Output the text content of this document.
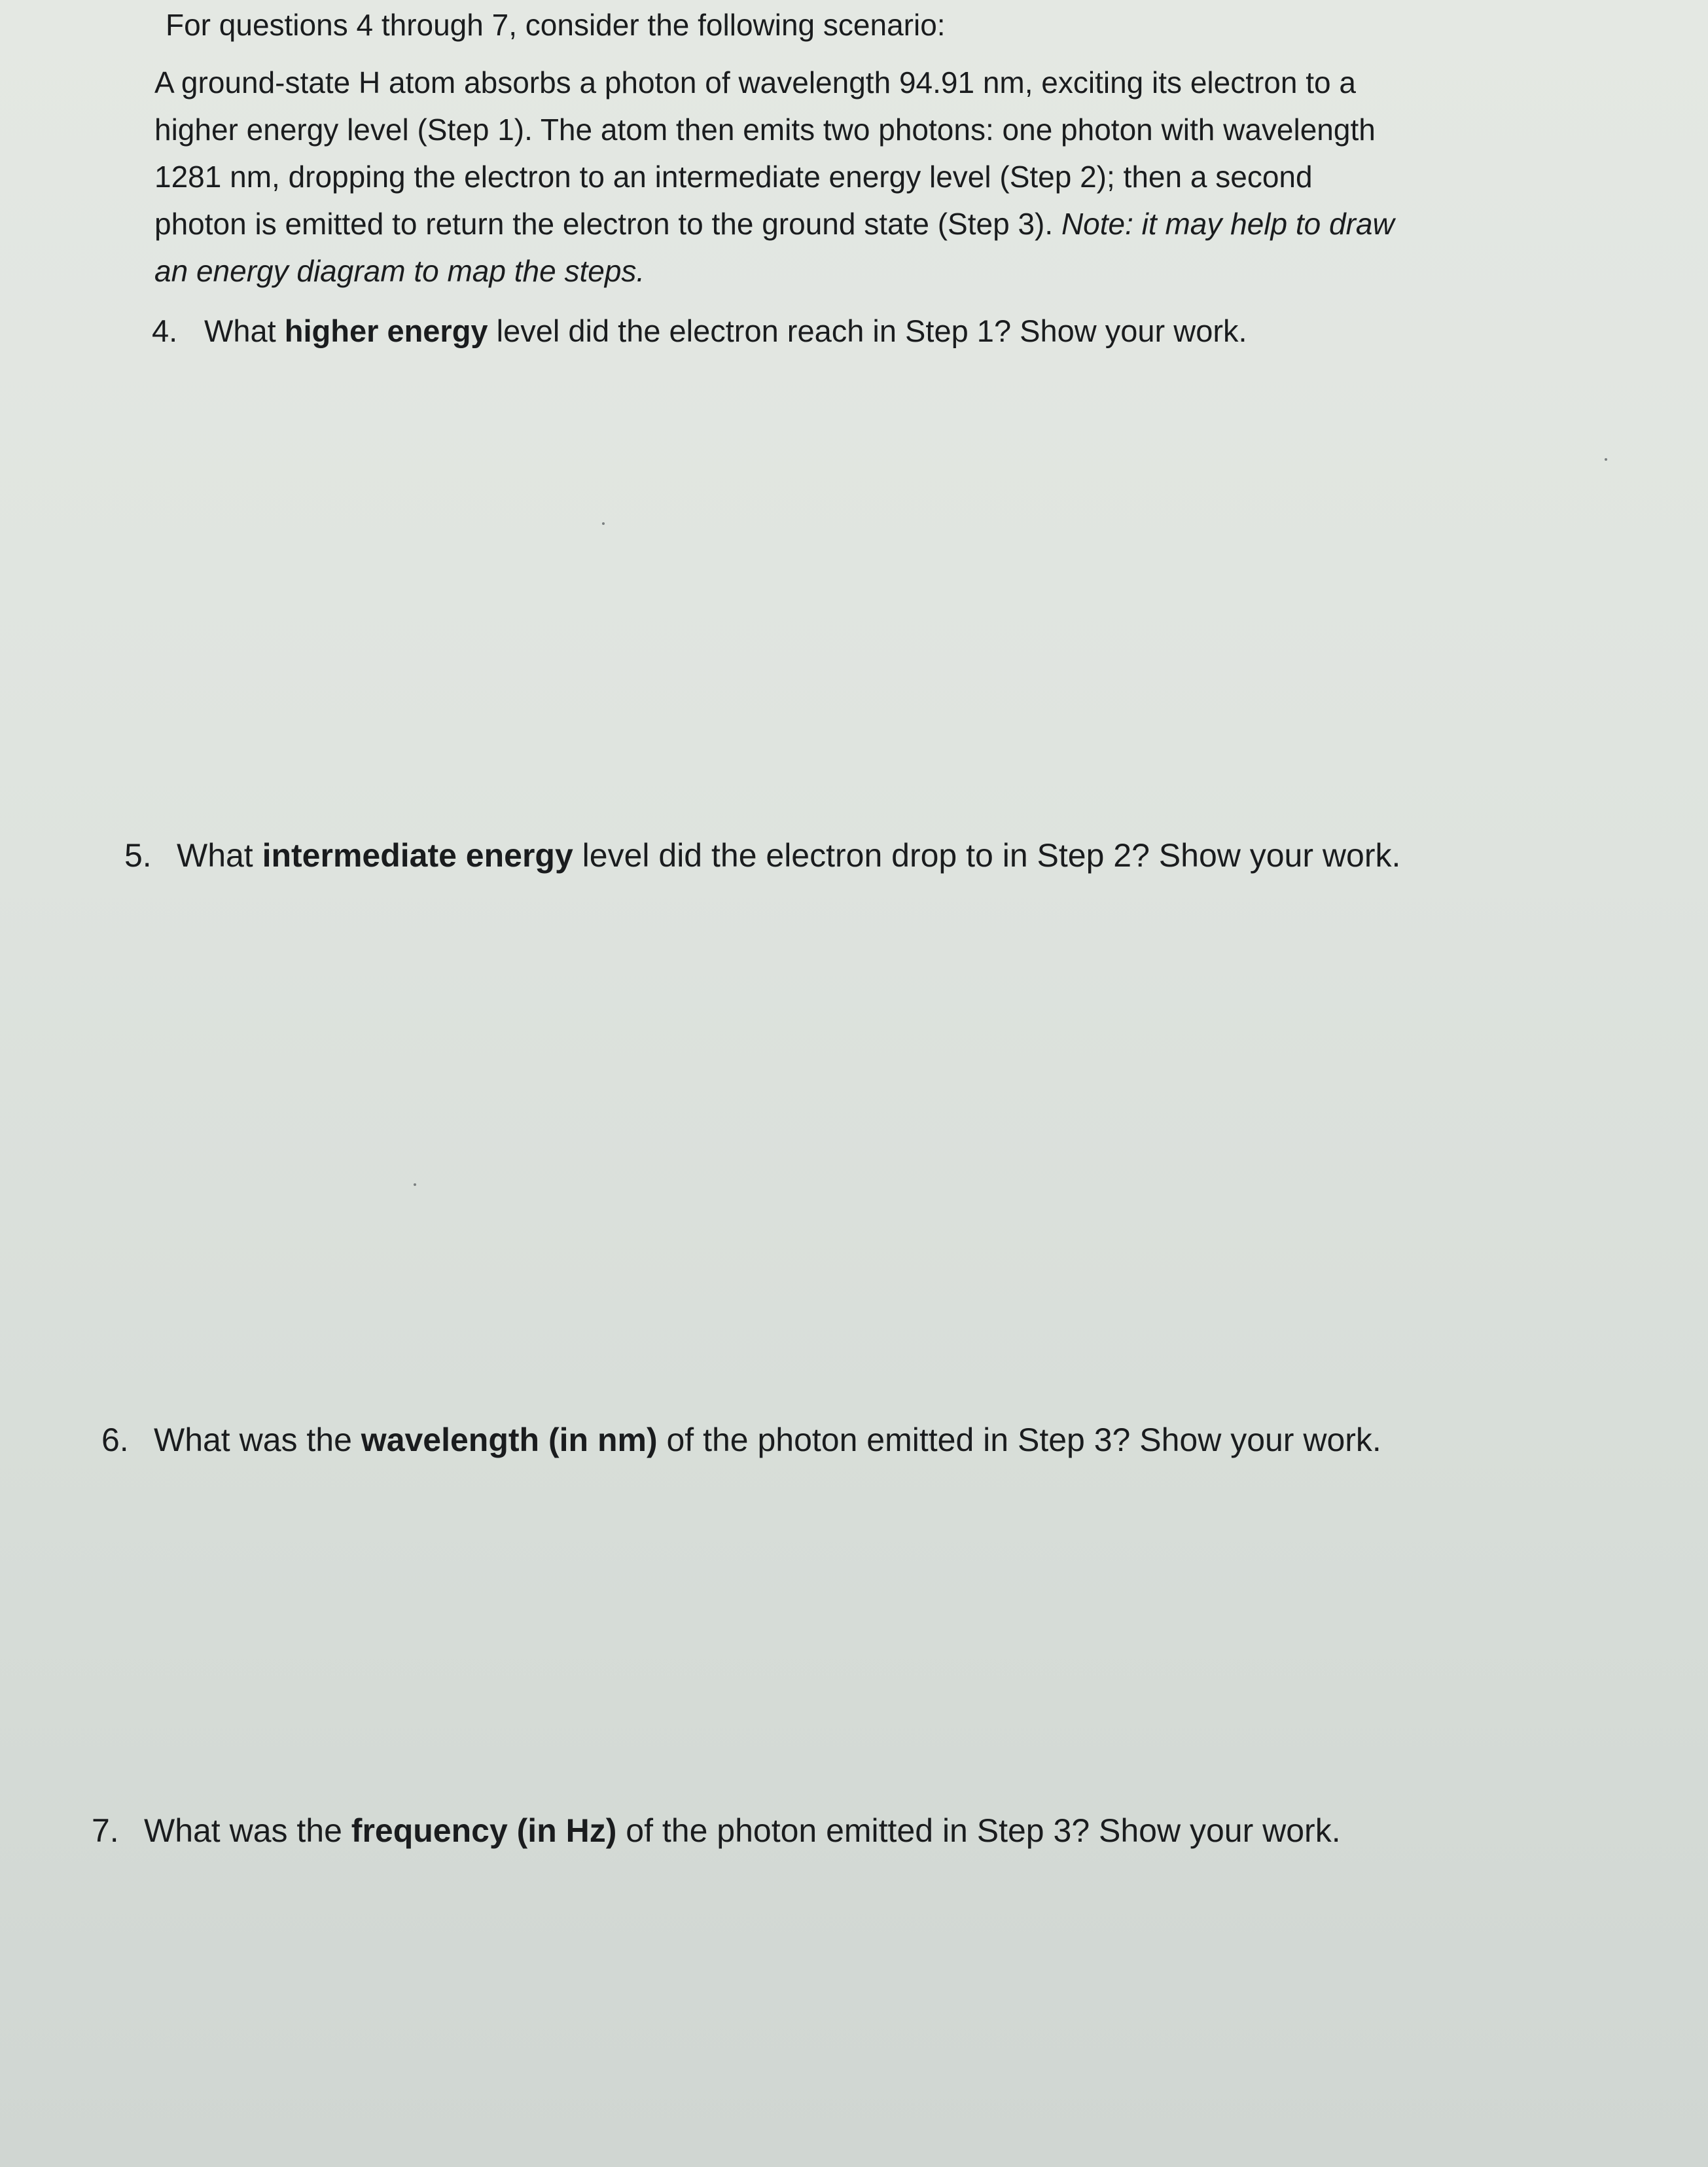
For questions 4 through 7, consider the following scenario:
A ground-state H atom absorbs a photon of wavelength 94.91 nm, exciting its electron to a
higher energy level (Step 1). The atom then emits two photons: one photon with wavelength
1281 nm, dropping the electron to an intermediate energy level (Step 2); then a second
photon is emitted to return the electron to the ground state (Step 3). Note: it may help to draw
an energy diagram to map the steps.
4. What higher energy level did the electron reach in Step 1? Show your work.
5. What intermediate energy level did the electron drop to in Step 2? Show your work.
6. What was the wavelength (in nm) of the photon emitted in Step 3? Show your work.
7. What was the frequency (in Hz) of the photon emitted in Step 3? Show your work.
